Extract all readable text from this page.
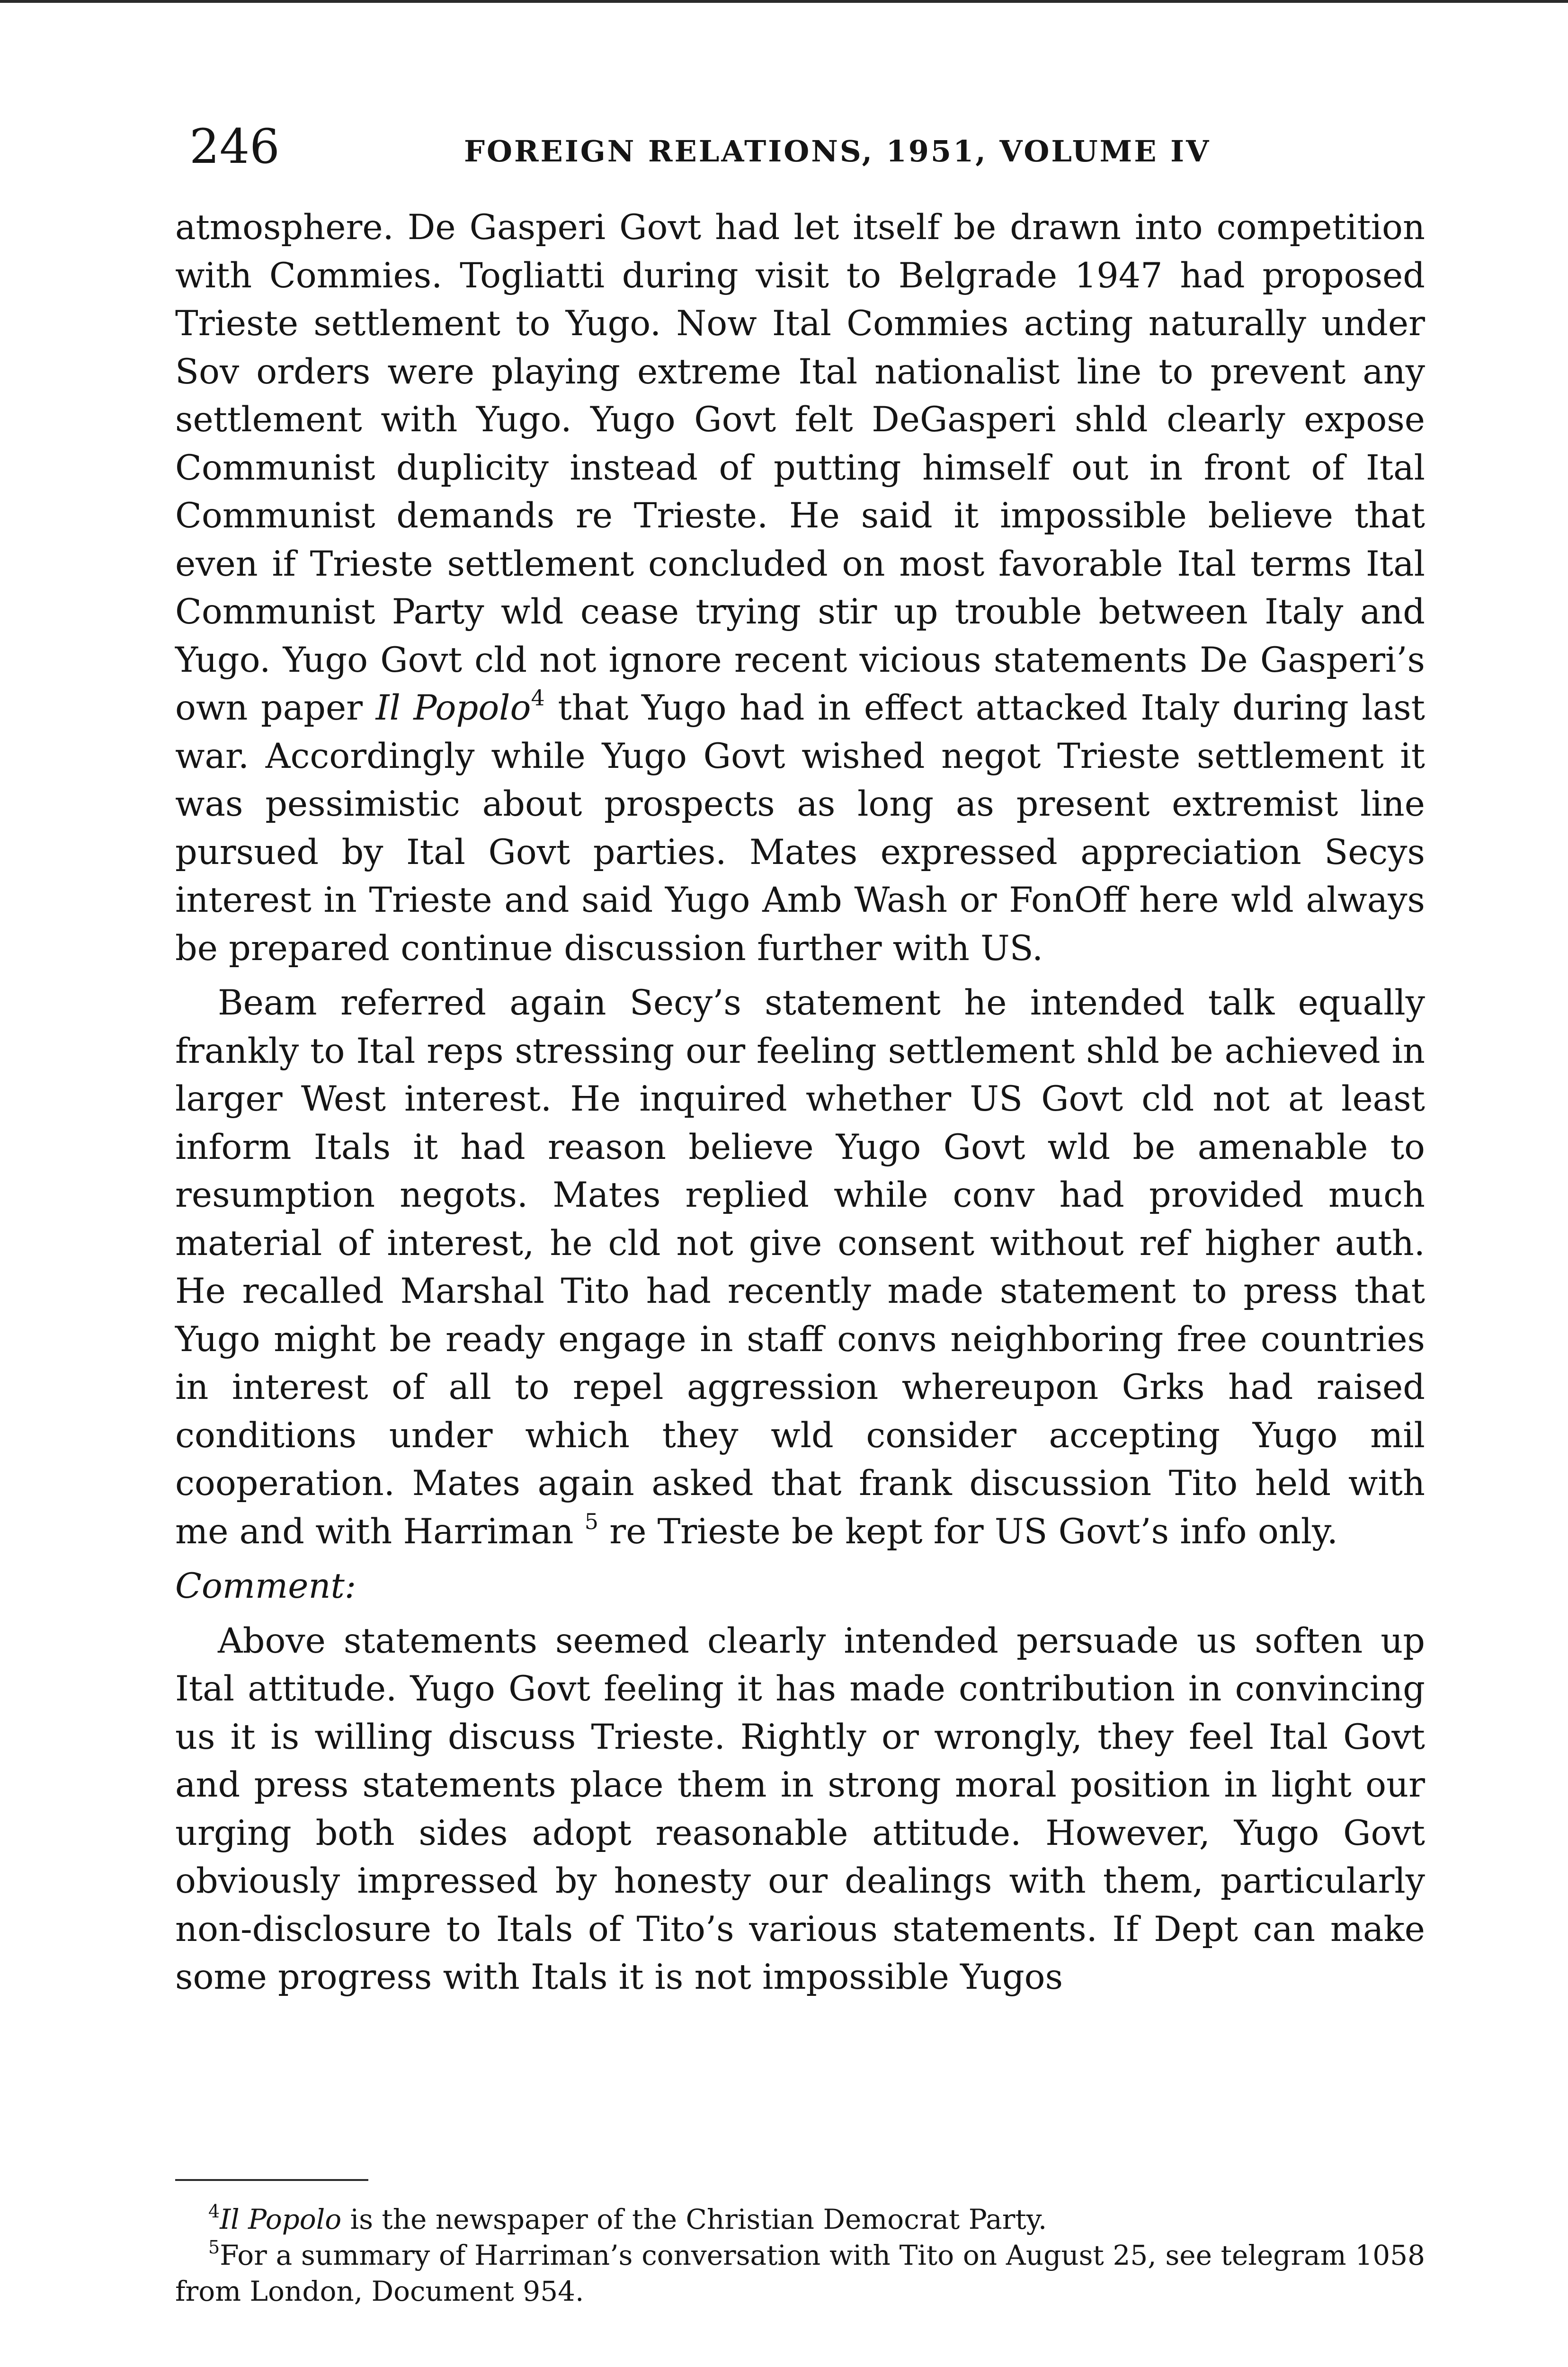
246	FOREIGN RELATIONS, 1951, VOLUME IV

atmosphere. De Gasperi Govt had let itself be drawn into competition with Commies. Togliatti during visit to Belgrade 1947 had proposed Trieste settlement to Yugo. Now Ital Commies acting naturally under Sov orders were playing extreme Ital nationalist line to prevent any settlement with Yugo. Yugo Govt felt DeGasperi shld clearly expose Communist duplicity instead of putting himself out in front of Ital Communist demands re Trieste. He said it impossible believe that even if Trieste settlement concluded on most favorable Ital terms Ital Communist Party wld cease trying stir up trouble between Italy and Yugo. Yugo Govt cld not ignore recent vicious statements De Gasperi’s own paper Il Popolo$^4$ that Yugo had in effect attacked Italy during last war. Accordingly while Yugo Govt wished negot Trieste settlement it was pessimistic about prospects as long as present extremist line pursued by Ital Govt parties. Mates expressed appreciation Secys interest in Trieste and said Yugo Amb Wash or FonOff here wld always be prepared continue discussion further with US.

Beam referred again Secy’s statement he intended talk equally frankly to Ital reps stressing our feeling settlement shld be achieved in larger West interest. He inquired whether US Govt cld not at least inform Itals it had reason believe Yugo Govt wld be amenable to resumption negots. Mates replied while conv had provided much material of interest, he cld not give consent without ref higher auth. He recalled Marshal Tito had recently made statement to press that Yugo might be ready engage in staff convs neighboring free countries in interest of all to repel aggression whereupon Grks had raised conditions under which they wld consider accepting Yugo mil cooperation. Mates again asked that frank discussion Tito held with me and with Harriman $^5$ re Trieste be kept for US Govt’s info only.

Comment:

Above statements seemed clearly intended persuade us soften up Ital attitude. Yugo Govt feeling it has made contribution in convincing us it is willing discuss Trieste. Rightly or wrongly, they feel Ital Govt and press statements place them in strong moral position in light our urging both sides adopt reasonable attitude. However, Yugo Govt obviously impressed by honesty our dealings with them, particularly non-disclosure to Itals of Tito’s various statements. If Dept can make some progress with Itals it is not impossible Yugos

$^4$Il Popolo is the newspaper of the Christian Democrat Party.

$^5$For a summary of Harriman’s conversation with Tito on August 25, see telegram 1058 from London, Document 954.
